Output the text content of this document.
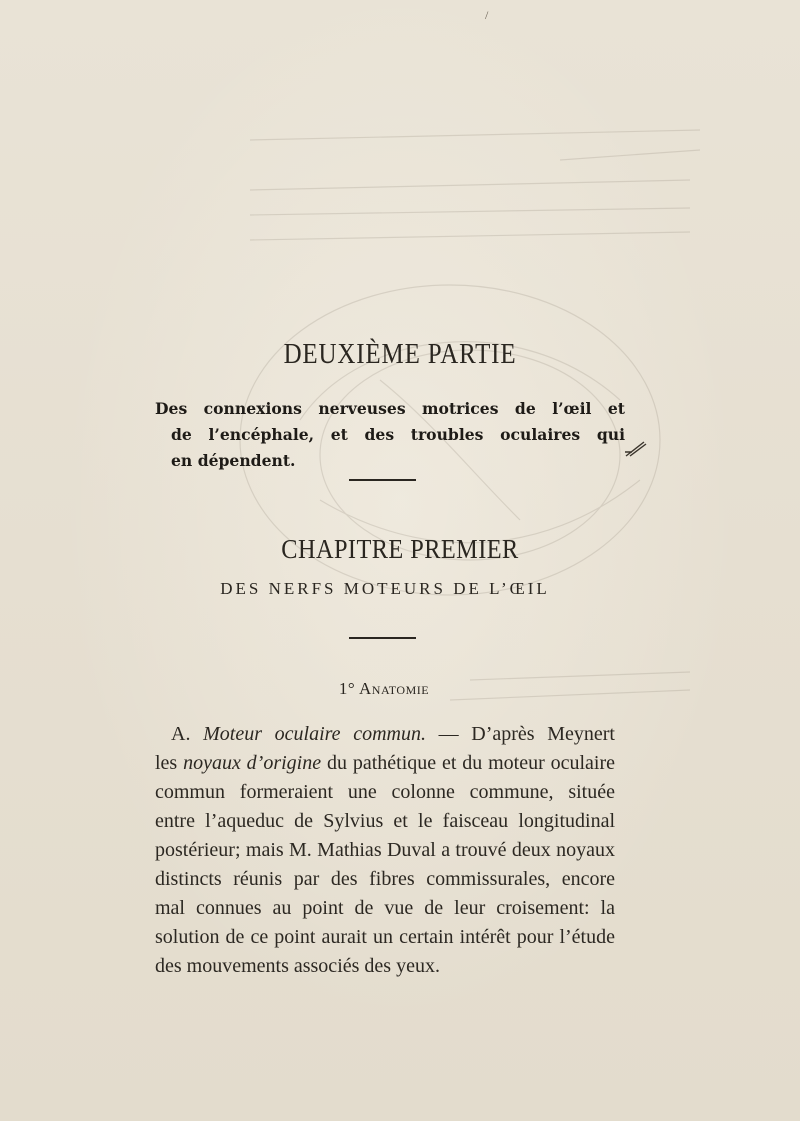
/
DEUXIÈME PARTIE
Des connexions nerveuses motrices de l’œil et
de l’encéphale, et des troubles oculaires qui
en dépendent.
CHAPITRE PREMIER
DES NERFS MOTEURS DE L’ŒIL
1° Anatomie
A. Moteur oculaire commun. — D’après Meynert
les noyaux d’origine du pathétique et du moteur oculaire
commun formeraient une colonne commune, située
entre l’aqueduc de Sylvius et le faisceau longitudinal
postérieur; mais M. Mathias Duval a trouvé deux noyaux
distincts réunis par des fibres commissurales, encore
mal connues au point de vue de leur croisement: la
solution de ce point aurait un certain intérêt pour l’étude
des mouvements associés des yeux.
